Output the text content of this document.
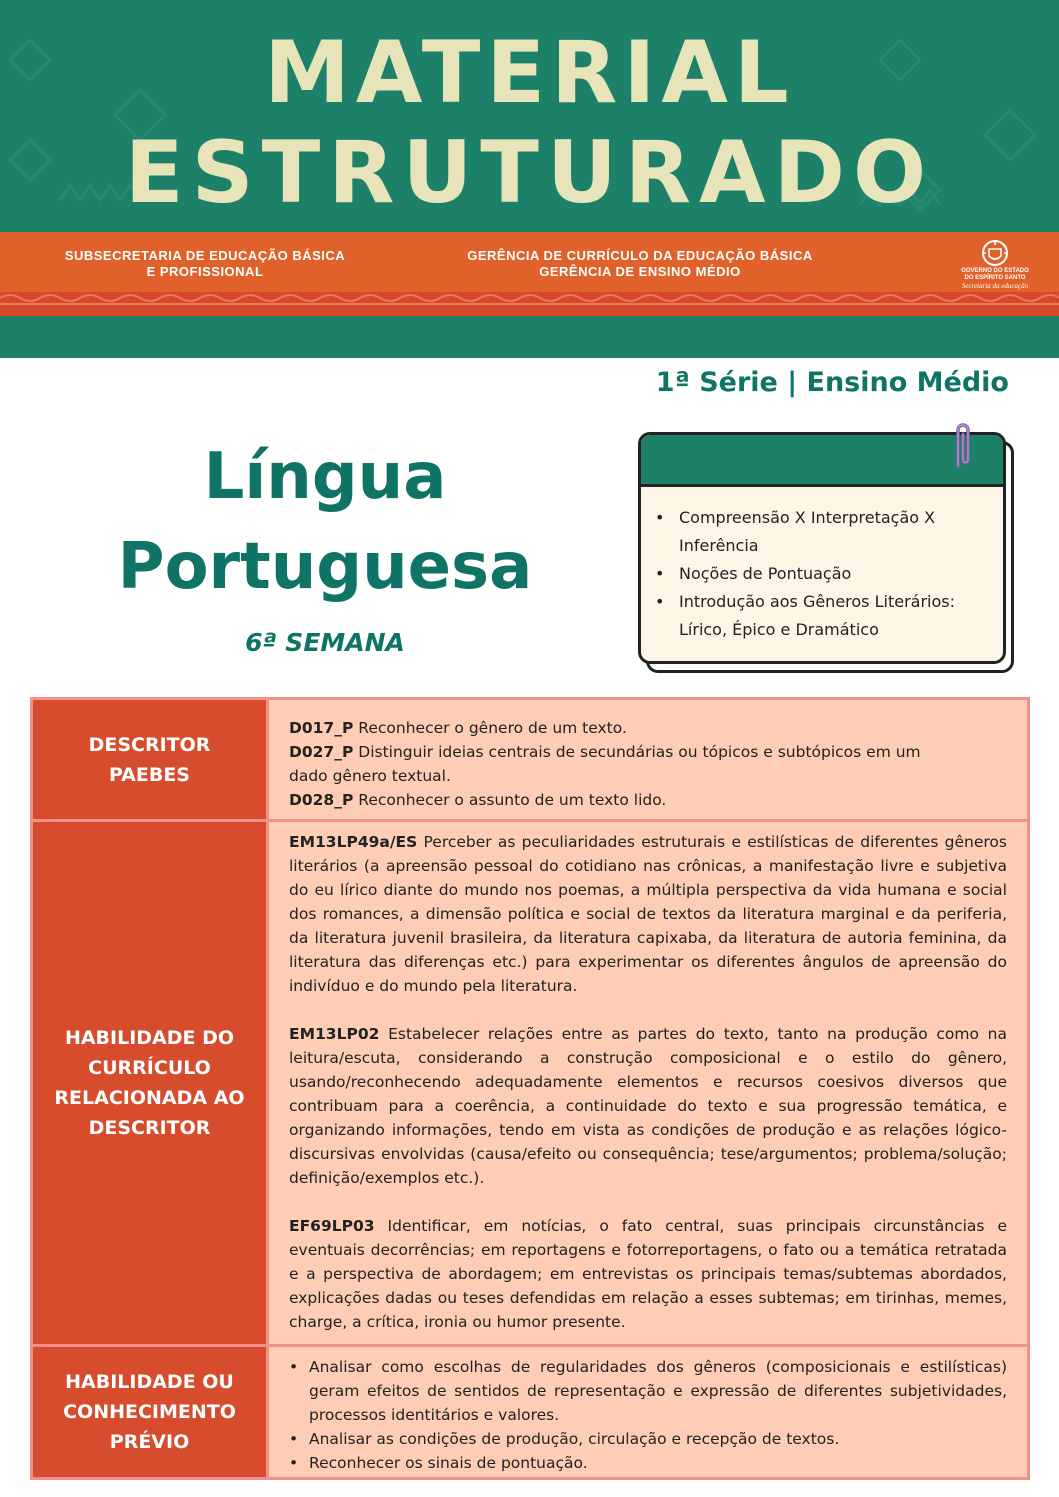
MATERIAL
ESTRUTURADO
SUBSECRETARIA DE EDUCAÇÃO BÁSICA E PROFISSIONAL
GERÊNCIA DE CURRÍCULO DA EDUCAÇÃO BÁSICA
GERÊNCIA DE ENSINO MÉDIO	GOVERNO DO ESTADO
DO ESPÍRITO SANTO
Secretaria da educação
1ª Série | Ensino Médio
Língua
Portuguesa
6ª SEMANA
• Compreensão X Interpretação X Inferência
• Noções de Pontuação
• Introdução aos Gêneros Literários: Lírico, Épico e Dramático
DESCRITOR PAEBES

D017_P Reconhecer o gênero de um texto.

D027_P Distinguir ideias centrais de secundárias ou tópicos e subtópicos em um dado gênero textual.

D028_P Reconhecer o assunto de um texto lido.

HABILIDADE DO CURRÍCULO RELACIONADA AO DESCRITOR

EM13LP49a/ES Perceber as peculiaridades estruturais e estilísticas de diferentes gêneros literários (a apreensão pessoal do cotidiano nas crônicas, a manifestação livre e subjetiva do eu lírico diante do mundo nos poemas, a múltipla perspectiva da vida humana e social dos romances, a dimensão política e social de textos da literatura marginal e da periferia, da literatura juvenil brasileira, da literatura capixaba, da literatura de autoria feminina, da literatura das diferenças etc.) para experimentar os diferentes ângulos de apreensão do indivíduo e do mundo pela literatura.

EM13LP02 Estabelecer relações entre as partes do texto, tanto na produção como na leitura/escuta, considerando a construção composicional e o estilo do gênero, usando/reconhecendo adequadamente elementos e recursos coesivos diversos que contribuam para a coerência, a continuidade do texto e sua progressão temática, e organizando informações, tendo em vista as condições de produção e as relações lógico-discursivas envolvidas (causa/efeito ou consequência; tese/argumentos; problema/solução; definição/exemplos etc.).

EF69LP03 Identificar, em notícias, o fato central, suas principais circunstâncias e eventuais decorrências; em reportagens e fotorreportagens, o fato ou a temática retratada e a perspectiva de abordagem; em entrevistas os principais temas/subtemas abordados, explicações dadas ou teses defendidas em relação a esses subtemas; em tirinhas, memes, charge, a crítica, ironia ou humor presente.

HABILIDADE OU CONHECIMENTO PRÉVIO
• Analisar como escolhas de regularidades dos gêneros (composicionais e estilísticas) geram efeitos de sentidos de representação e expressão de diferentes subjetividades, processos identitários e valores.
• Analisar as condições de produção, circulação e recepção de textos.
• Reconhecer os sinais de pontuação.
